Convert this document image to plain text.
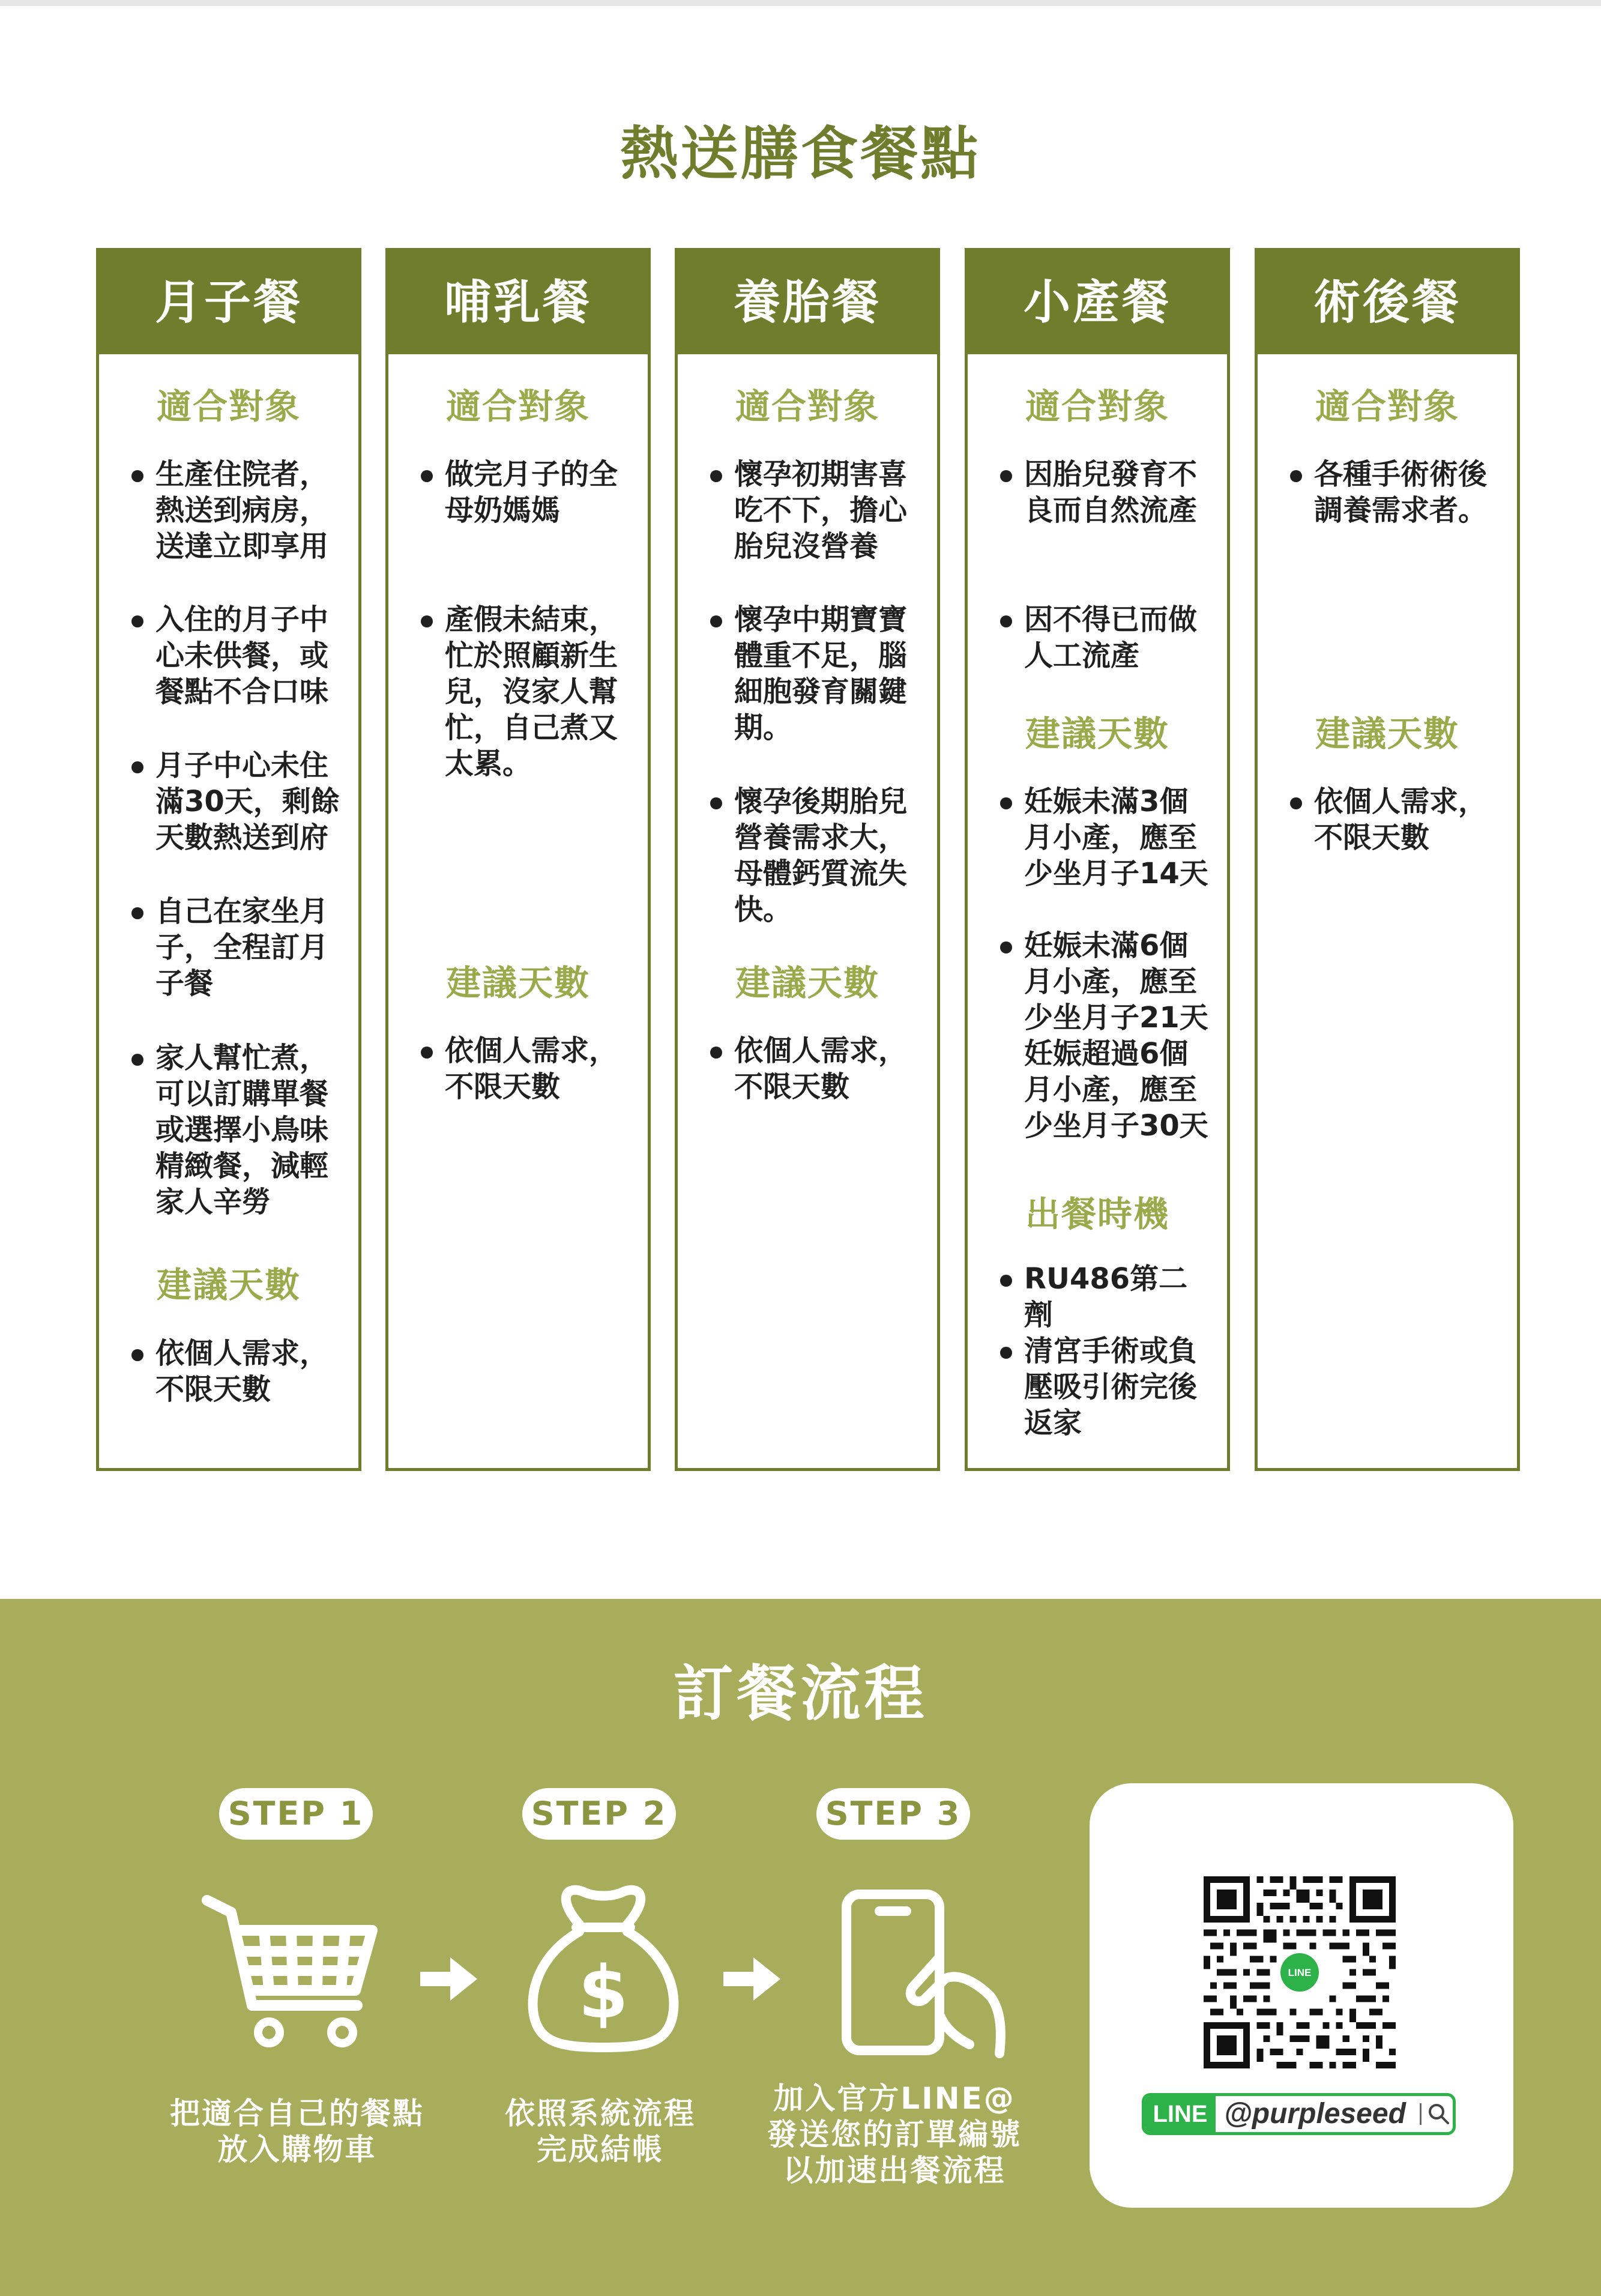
熱送膳食餐點
月子餐
適合對象
生產住院者，
熱送到病房，
送達立即享用
入住的月子中
心未供餐，或
餐點不合口味
月子中心未住
滿30天，剩餘
天數熱送到府
自己在家坐月
子，全程訂月
子餐
家人幫忙煮，
可以訂購單餐
或選擇小鳥味
精緻餐，減輕
家人辛勞
建議天數
依個人需求，
不限天數
哺乳餐
適合對象
做完月子的全
母奶媽媽
產假未結束，
忙於照顧新生
兒，沒家人幫
忙，自己煮又
太累。
建議天數
依個人需求，
不限天數
養胎餐
適合對象
懷孕初期害喜
吃不下，擔心
胎兒沒營養
懷孕中期寶寶
體重不足，腦
細胞發育關鍵
期。
懷孕後期胎兒
營養需求大，
母體鈣質流失
快。
建議天數
依個人需求，
不限天數
小產餐
適合對象
因胎兒發育不
良而自然流產
因不得已而做
人工流產
建議天數
妊娠未滿3個
月小產，應至
少坐月子14天
妊娠未滿6個
月小產，應至
少坐月子21天
妊娠超過6個
月小產，應至
少坐月子30天
出餐時機
RU486第二劑
清宮手術或負
壓吸引術完後
返家
術後餐
適合對象
各種手術術後
調養需求者。
建議天數
依個人需求，
不限天數
訂餐流程
STEP 1
把適合自己的餐點
放入購物車
STEP 2
$
依照系統流程
完成結帳
STEP 3
加入官方LINE@
發送您的訂單編號
以加速出餐流程
LINE
LINE @purpleseed
